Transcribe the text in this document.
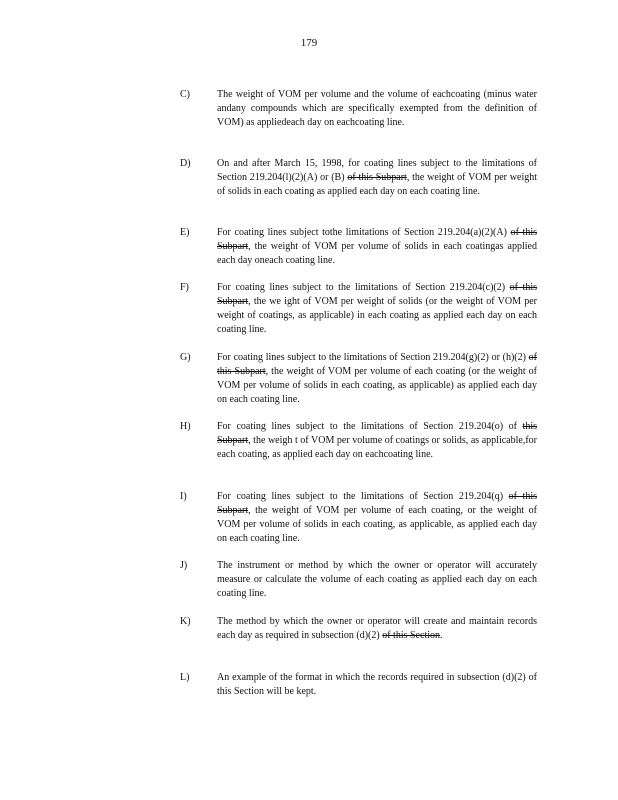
179
C)	The weight of VOM per volume and the volume of eachcoating (minus water andany compounds which are specifically exempted from the definition of VOM) as appliedeach day on eachcoating line.
D)	On and after March 15, 1998, for coating lines subject to the limitations of Section 219.204(l)(2)(A) or (B) of this Subpart, the weight of VOM per weight of solids in each coating as applied each day on each coating line.
E)	For coating lines subject tothe limitations of Section 219.204(a)(2)(A) of this Subpart, the weight of VOM per volume of solids in each coatingas applied each day oneach coating line.
F)	For coating lines subject to the limitations of Section 219.204(c)(2) of this Subpart, the we ight of VOM per weight of solids (or the weight of VOM per weight of coatings, as applicable) in each coating as applied each day on each coating line.
G)	For coating lines subject to the limitations of Section 219.204(g)(2) or (h)(2) of this Subpart, the weight of VOM per volume of each coating (or the weight of VOM per volume of solids in each coating, as applicable) as applied each day on each coating line.
H)	For coating lines subject to the limitations of Section 219.204(o) of this Subpart, the weigh t of VOM per volume of coatings or solids, as applicable,for each coating, as applied each day on eachcoating line.
I)	For coating lines subject to the limitations of Section 219.204(q) of this Subpart, the weight of VOM per volume of each coating, or the weight of VOM per volume of solids in each coating, as applicable, as applied each day on each coating line.
J)	The instrument or method by which the owner or operator will accurately measure or calculate the volume of each coating as applied each day on each coating line.
K)	The method by which the owner or operator will create and maintain records each day as required in subsection (d)(2) of this Section.
L)	An example of the format in which the records required in subsection (d)(2) of this Section will be kept.
